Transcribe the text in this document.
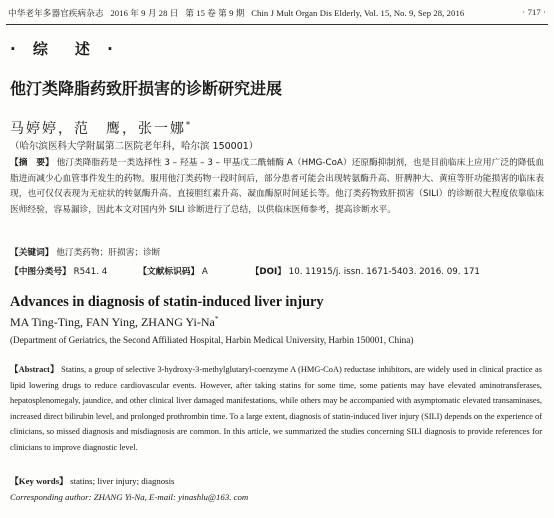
中华老年多器官疾病杂志 2016 年 9 月 28 日 第 15 卷 第 9 期 Chin J Mult Organ Dis Elderly, Vol. 15, No. 9, Sep 28, 2016	· 717 ·
· 综　述 ·
他汀类降脂药致肝损害的诊断研究进展
马婷婷，范　鹰，张一娜*
（哈尔滨医科大学附属第二医院老年科，哈尔滨 150001）
【摘　要】 他汀类降脂药是一类选择性 3 – 羟基 – 3 – 甲基戊二酰辅酶 A（HMG-CoA）还原酶抑制剂，也是目前临床上应用广泛的降低血脂进而减少心血管事件发生的药物。服用他汀类药物一段时间后，部分患者可能会出现转氨酶升高、肝脾肿大、黄疸等肝功能损害的临床表现，也可仅仅表现为无症状的转氨酶升高、直接胆红素升高、凝血酶原时间延长等。他汀类药物致肝损害（SILI）的诊断很大程度依靠临床医师经验，容易漏诊，因此本文对国内外 SILI 诊断进行了总结，以供临床医师参考，提高诊断水平。
【关键词】 他汀类药物；肝损害；诊断
【中图分类号】 R541. 4	【文献标识码】 A	【DOI】 10. 11915/j. issn. 1671-5403. 2016. 09. 171
Advances in diagnosis of statin-induced liver injury
MA Ting-Ting, FAN Ying, ZHANG Yi-Na*
(Department of Geriatrics, the Second Affiliated Hospital, Harbin Medical University, Harbin 150001, China)
【Abstract】 Statins, a group of selective 3-hydroxy-3-methylglutaryl-coenzyme A (HMG-CoA) reductase inhibitors, are widely used in clinical practice as lipid lowering drugs to reduce cardiovascular events. However, after taking statins for some time, some patients may have elevated aminotransferases, hepatosplenomegaly, jaundice, and other clinical liver damaged manifestations, while others may be accompanied with asymptomatic elevated transaminases, increased direct bilirubin level, and prolonged prothrombin time. To a large extent, diagnosis of statin-induced liver injury (SILI) depends on the experience of clinicians, so missed diagnosis and misdiagnosis are common. In this article, we summarized the studies concerning SILI diagnosis to provide references for clinicians to improve diagnostic level.
【Key words】 statins; liver injury; diagnosis
Corresponding author: ZHANG Yi-Na, E-mail: yinashlu@163. com
